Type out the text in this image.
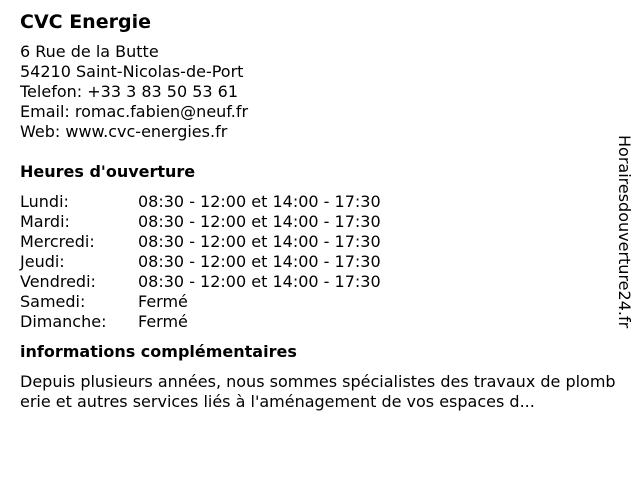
CVC Energie
6 Rue de la Butte
54210 Saint-Nicolas-de-Port
Telefon: +33 3 83 50 53 61
Email: romac.fabien@neuf.fr
Web: www.cvc-energies.fr
Heures d'ouverture
Lundi:	08:30 - 12:00 et 14:00 - 17:30
Mardi:	08:30 - 12:00 et 14:00 - 17:30
Mercredi:	08:30 - 12:00 et 14:00 - 17:30
Jeudi:	08:30 - 12:00 et 14:00 - 17:30
Vendredi:	08:30 - 12:00 et 14:00 - 17:30
Samedi:	Fermé
Dimanche:	Fermé
informations complémentaires
Depuis plusieurs années, nous sommes spécialistes des travaux de plomberie et autres services liés à l'aménagement de vos espaces d...
Horairesdouverture24.fr
